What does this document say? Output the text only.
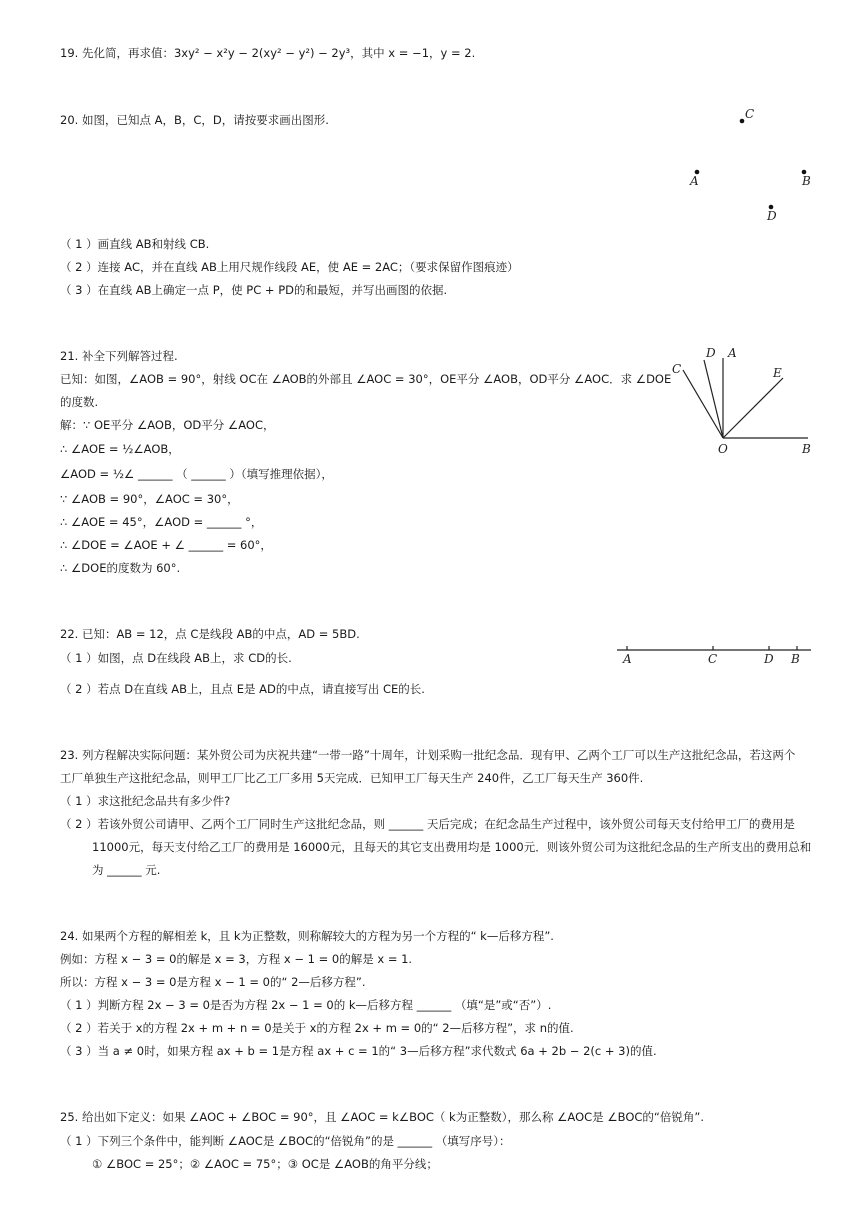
19. 先化简，再求值：3xy² − x²y − 2(xy² − y²) − 2y³，其中 x = −1，y = 2.
20. 如图，已知点 A，B，C，D，请按要求画出图形.	C
A	B
D
（ 1 ）画直线 AB和射线 CB.
（ 2 ）连接 AC，并在直线 AB上用尺规作线段 AE，使 AE = 2AC；（要求保留作图痕迹）
（ 3 ）在直线 AB上确定一点 P，使 PC + PD的和最短，并写出画图的依据.
21. 补全下列解答过程.
已知：如图，∠AOB = 90°，射线 OC在 ∠AOB的外部且 ∠AOC = 30°，OE平分 ∠AOB，OD平分 ∠AOC．求 ∠DOE
的度数.
解：∵ OE平分 ∠AOB，OD平分 ∠AOC，
∴ ∠AOE = ½∠AOB，
∠AOD = ½∠ ______ （ ______ ）（填写推理依据），
∵ ∠AOB = 90°，∠AOC = 30°，
∴ ∠AOE = 45°，∠AOD = ______ °，
∴ ∠DOE = ∠AOE + ∠ ______ = 60°，
∴ ∠DOE的度数为 60°.
C
D A
E
O	B
22. 已知：AB = 12，点 C是线段 AB的中点，AD = 5BD.
（ 1 ）如图，点 D在线段 AB上，求 CD的长.
（ 2 ）若点 D在直线 AB上，且点 E是 AD的中点，请直接写出 CE的长.
A	C	D B
23. 列方程解决实际问题：某外贸公司为庆祝共建“一带一路”十周年，计划采购一批纪念品．现有甲、乙两个工厂可以生产这批纪念品，若这两个
工厂单独生产这批纪念品，则甲工厂比乙工厂多用 5天完成．已知甲工厂每天生产 240件，乙工厂每天生产 360件.
（ 1 ）求这批纪念品共有多少件?
（ 2 ）若该外贸公司请甲、乙两个工厂同时生产这批纪念品，则 ______ 天后完成；在纪念品生产过程中，该外贸公司每天支付给甲工厂的费用是
11000元，每天支付给乙工厂的费用是 16000元，且每天的其它支出费用均是 1000元．则该外贸公司为这批纪念品的生产所支出的费用总和
为 ______ 元.
24. 如果两个方程的解相差 k，且 k为正整数，则称解较大的方程为另一个方程的“ k—后移方程”.
例如：方程 x − 3 = 0的解是 x = 3，方程 x − 1 = 0的解是 x = 1.
所以：方程 x − 3 = 0是方程 x − 1 = 0的“ 2—后移方程”.
（ 1 ）判断方程 2x − 3 = 0是否为方程 2x − 1 = 0的 k—后移方程 ______ （填“是”或“否”）.
（ 2 ）若关于 x的方程 2x + m + n = 0是关于 x的方程 2x + m = 0的“ 2—后移方程”，求 n的值.
（ 3 ）当 a ≠ 0时，如果方程 ax + b = 1是方程 ax + c = 1的“ 3—后移方程”求代数式 6a + 2b − 2(c + 3)的值.
25. 给出如下定义：如果 ∠AOC + ∠BOC = 90°，且 ∠AOC = k∠BOC（ k为正整数），那么称 ∠AOC是 ∠BOC的“倍锐角”.
（ 1 ）下列三个条件中，能判断 ∠AOC是 ∠BOC的“倍锐角”的是 ______ （填写序号）：
① ∠BOC = 25°；② ∠AOC = 75°；③ OC是 ∠AOB的角平分线；
